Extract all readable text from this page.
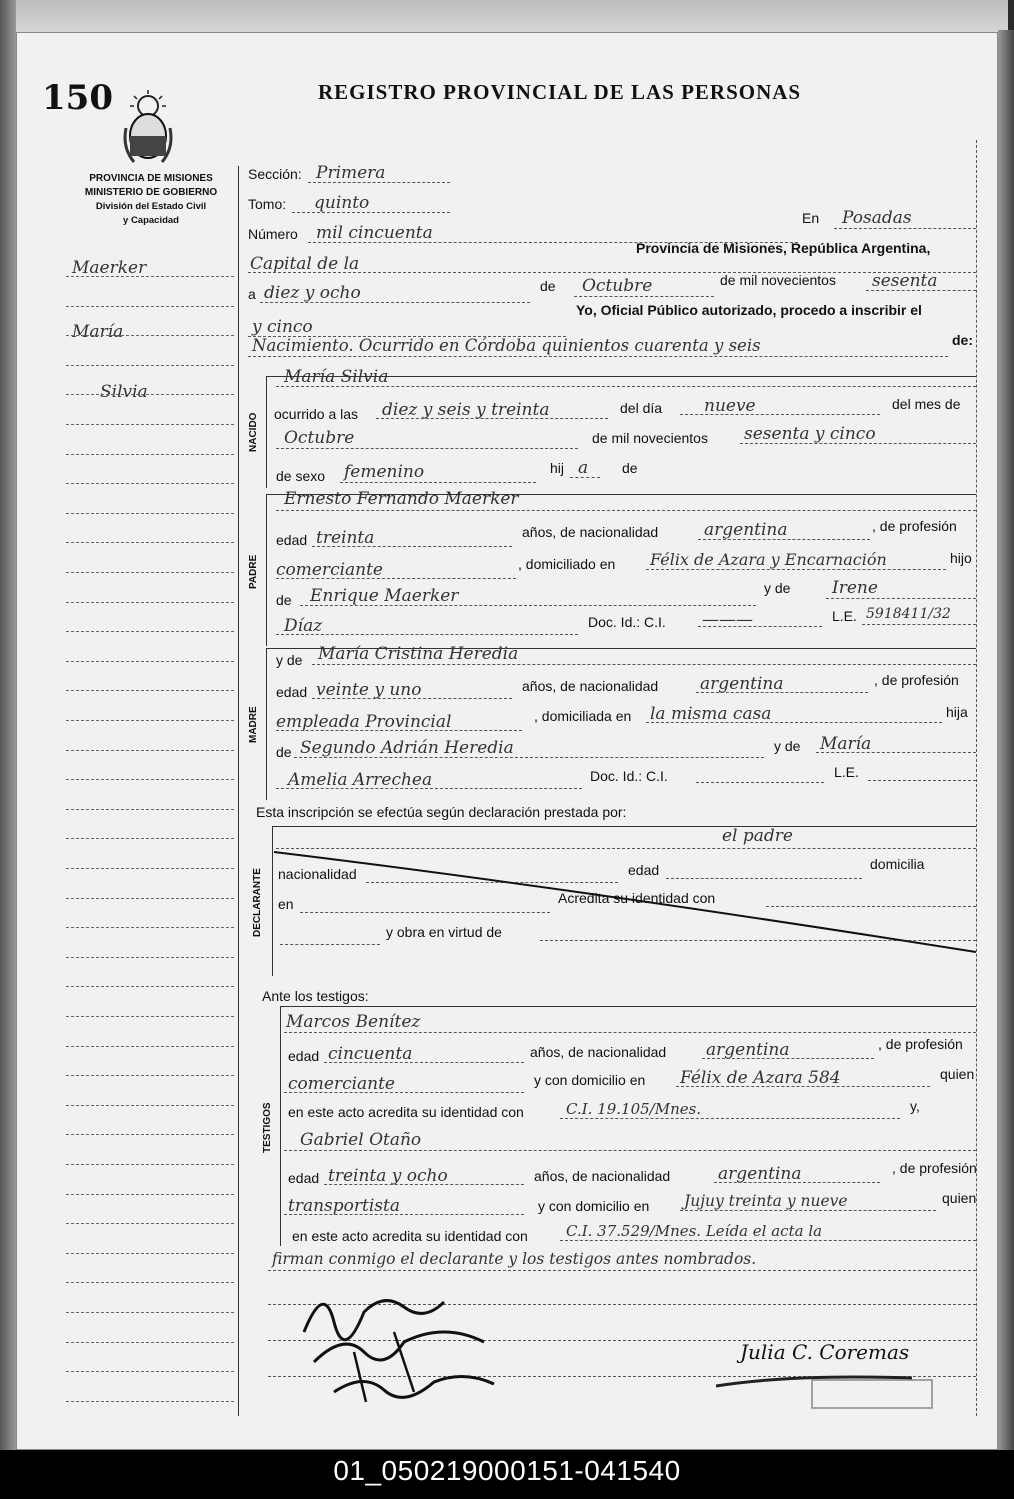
150	REGISTRO PROVINCIAL DE LAS PERSONAS
PROVINCIA DE MISIONES
MINISTERIO DE GOBIERNO
División del Estado Civil
y Capacidad
Maerker
María
Silvia
Sección: Primera
Tomo: quinto
Número mil cincuenta
En Posadas
Provincia de Misiones, República Argentina,
Capital de la
a diez y ocho	de Octubre	de mil novecientos sesenta
y cinco
Yo, Oficial Público autorizado, procedo a inscribir el
Nacimiento. Ocurrido en Córdoba quinientos cuarenta y seis	de:
NACIDO
María Silvia
ocurrido a las diez y seis y treinta	del día nueve	del mes de
Octubre	de mil novecientos sesenta y cinco
de sexo femenino	hij a de
PADRE
Ernesto Fernando Maerker
edad treinta	años, de nacionalidad	argentina	, de profesión
comerciante	, domiciliado en Félix de Azara y Encarnación	hijo
de Enrique Maerker	y de Irene
Díaz	Doc. Id.: C.I. ———	L.E. 5918411/32
MADRE
y de María Cristina Heredia
edad veinte y uno	años, de nacionalidad argentina	, de profesión
empleada Provincial	, domiciliada en la misma casa	hija
de Segundo Adrián Heredia	y de María
Amelia Arrechea	Doc. Id.: C.I.	L.E.
Esta inscripción se efectúa según declaración prestada por:
el padre
DECLARANTE	nacionalidad	edad	domicilia
en	Acredita su identidad con
y obra en virtud de
Ante los testigos:
TESTIGOS
Marcos Benítez
edad cincuenta	años, de nacionalidad argentina	, de profesión
comerciante	y con domicilio en Félix de Azara 584	quien
en este acto acredita su identidad con	C.I. 19.105/Mnes.	y,
Gabriel Otaño
edad treinta y ocho	años, de nacionalidad	argentina	, de profesión
transportista	y con domicilio en Jujuy treinta y nueve	quien
en este acto acredita su identidad con	C.I. 37.529/Mnes. Leída el acta la
firman conmigo el declarante y los testigos antes nombrados.
Julia C. Coremas
01_050219000151-041540
